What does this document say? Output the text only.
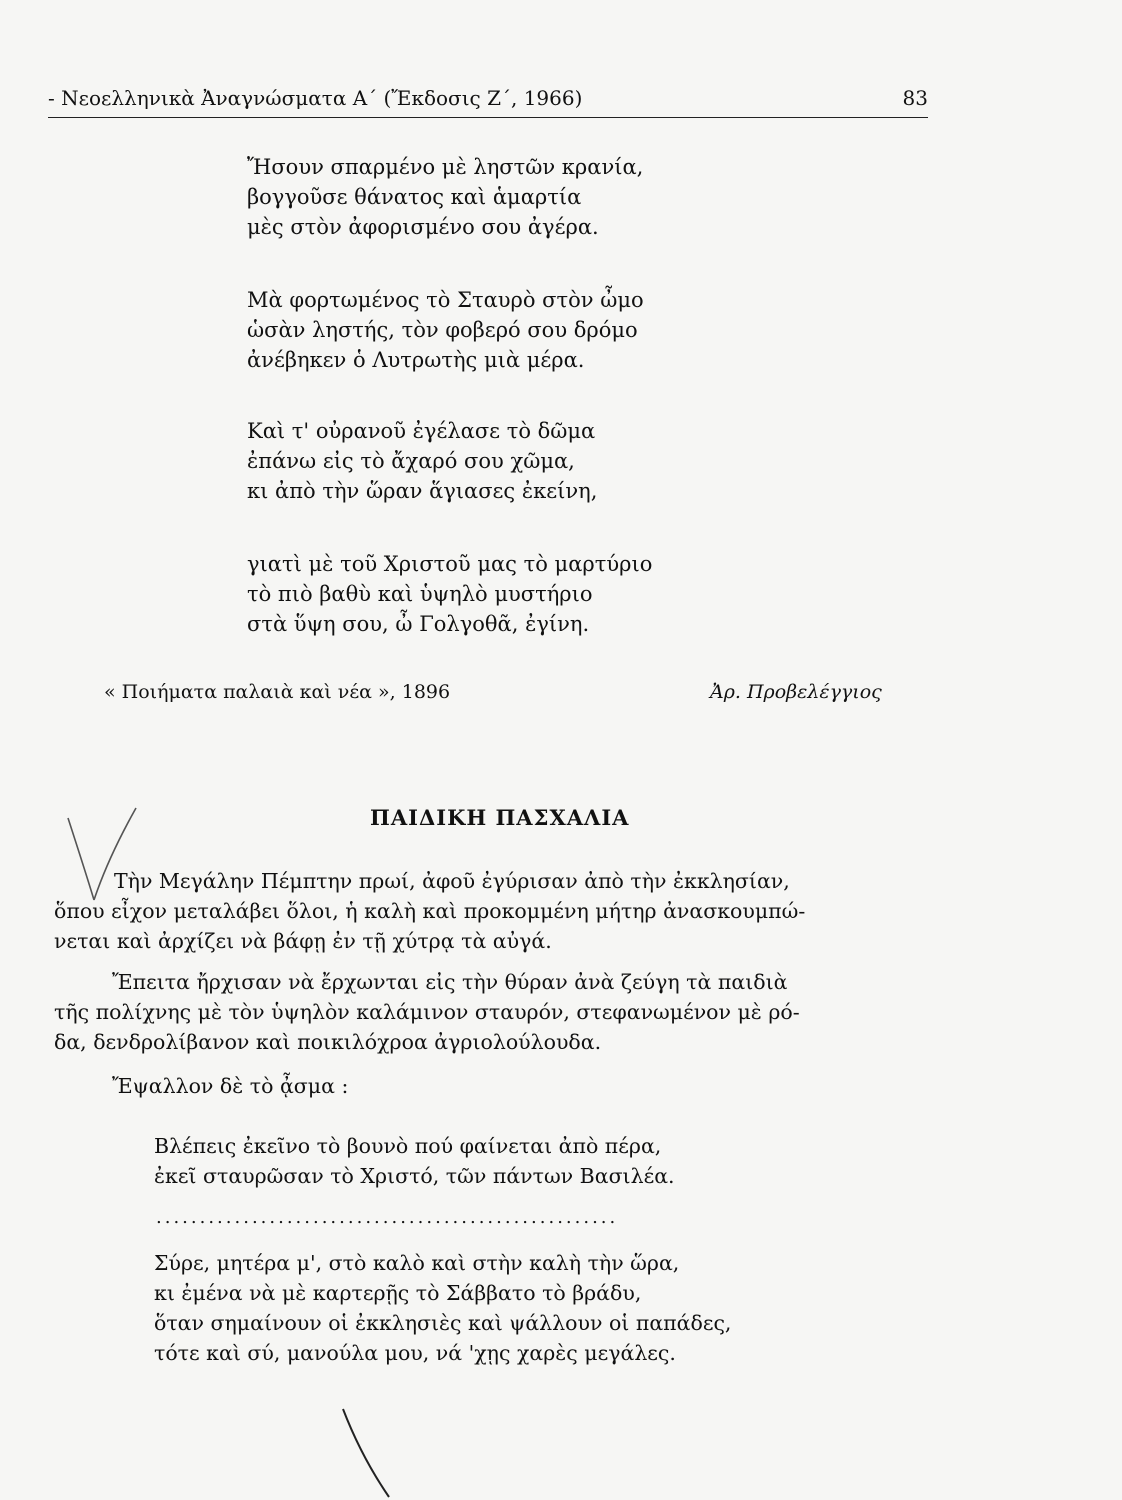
- Νεοελληνικὰ Ἀναγνώσματα Α΄ (Ἔκδοσις Ζ΄, 1966)	83
Ἤσουν σπαρμένο μὲ ληστῶν κρανία,
βογγοῦσε θάνατος καὶ ἁμαρτία
μὲς στὸν ἀφορισμένο σου ἀγέρα.
Μὰ φορτωμένος τὸ Σταυρὸ στὸν ὦμο
ὡσὰν ληστής, τὸν φοβερό σου δρόμο
ἀνέβηκεν ὁ Λυτρωτὴς μιὰ μέρα.
Καὶ τ' οὐρανοῦ ἐγέλασε τὸ δῶμα
ἐπάνω εἰς τὸ ἄχαρό σου χῶμα,
κι ἀπὸ τὴν ὥραν ἅγιασες ἐκείνη,
γιατὶ μὲ τοῦ Χριστοῦ μας τὸ μαρτύριο
τὸ πιὸ βαθὺ καὶ ὑψηλὸ μυστήριο
στὰ ὕψη σου, ὦ Γολγοθᾶ, ἐγίνη.
« Ποιήματα παλαιὰ καὶ νέα », 1896	Ἀρ. Προβελέγγιος
ΠΑΙΔΙΚΗ ΠΑΣΧΑΛΙΑ
Τὴν Μεγάλην Πέμπτην πρωί, ἀφοῦ ἐγύρισαν ἀπὸ τὴν ἐκκλησίαν,
ὅπου εἶχον μεταλάβει ὅλοι, ἡ καλὴ καὶ προκομμένη μήτηρ ἀνασκουμπώ-
νεται καὶ ἀρχίζει νὰ βάφῃ ἐν τῇ χύτρᾳ τὰ αὐγά.
Ἔπειτα ἤρχισαν νὰ ἔρχωνται εἰς τὴν θύραν ἀνὰ ζεύγη τὰ παιδιὰ
τῆς πολίχνης μὲ τὸν ὑψηλὸν καλάμινον σταυρόν, στεφανωμένον μὲ ρό-
δα, δενδρολίβανον καὶ ποικιλόχροα ἀγριολούλουδα.
Ἔψαλλον δὲ τὸ ᾆσμα :
Βλέπεις ἐκεῖνο τὸ βουνὸ πού φαίνεται ἀπὸ πέρα,
ἐκεῖ σταυρῶσαν τὸ Χριστό, τῶν πάντων Βασιλέα.
.....................................................
Σύρε, μητέρα μ', στὸ καλὸ καὶ στὴν καλὴ τὴν ὥρα,
κι ἐμένα νὰ μὲ καρτερῇς τὸ Σάββατο τὸ βράδυ,
ὅταν σημαίνουν οἱ ἐκκλησιὲς καὶ ψάλλουν οἱ παπάδες,
τότε καὶ σύ, μανούλα μου, νά 'χῃς χαρὲς μεγάλες.
